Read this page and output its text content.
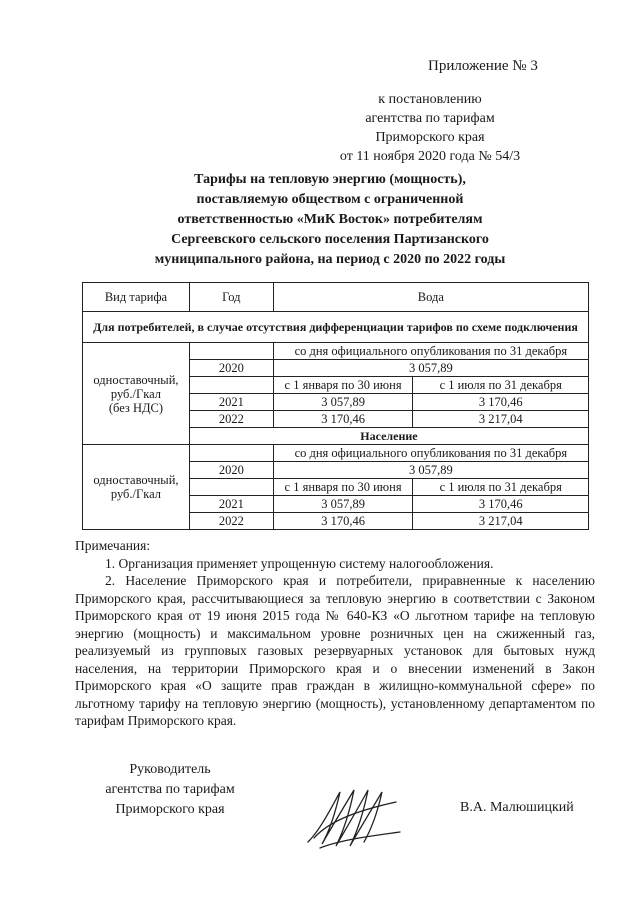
Приложение № 3
к постановлению
агентства по тарифам
Приморского края
от 11 ноября 2020 года № 54/3
Тарифы на тепловую энергию (мощность),
поставляемую обществом с ограниченной
ответственностью «МиК Восток» потребителям
Сергеевского сельского поселения Партизанского
муниципального района, на период с 2020 по 2022 годы
Вид тарифа	Год	Вода	
Для потребителей, в случае отсутствия дифференциации тарифов по схеме подключения			

одноставочный,
руб./Гкал
(без НДС)		со дня официального опубликования по 31 декабря	
	2020	3 057,89	
		с 1 января по 30 июня	с 1 июля по 31 декабря
	2021	3 057,89	3 170,46
	2022	3 170,46	3 217,04
	Население		

одноставочный,
руб./Гкал		со дня официального опубликования по 31 декабря	
	2020	3 057,89	
		с 1 января по 30 июня	с 1 июля по 31 декабря
	2021	3 057,89	3 170,46
	2022	3 170,46	3 217,04

Примечания:

1. Организация применяет упрощенную систему налогообложения.

2. Население Приморского края и потребители, приравненные к населению Приморского края, рассчитывающиеся за тепловую энергию в соответствии с Законом Приморского края от 19 июня 2015 года № 640-КЗ «О льготном тарифе на тепловую энергию (мощность) и максимальном уровне розничных цен на сжиженный газ, реализуемый из групповых газовых резервуарных установок для бытовых нужд населения, на территории Приморского края и о внесении изменений в Закон Приморского края «О защите прав граждан в жилищно-коммунальной сфере» по льготному тарифу на тепловую энергию (мощность), установленному департаментом по тарифам Приморского края.

Руководитель
агентства по тарифам
Приморского края	В.А. Малюшицкий
